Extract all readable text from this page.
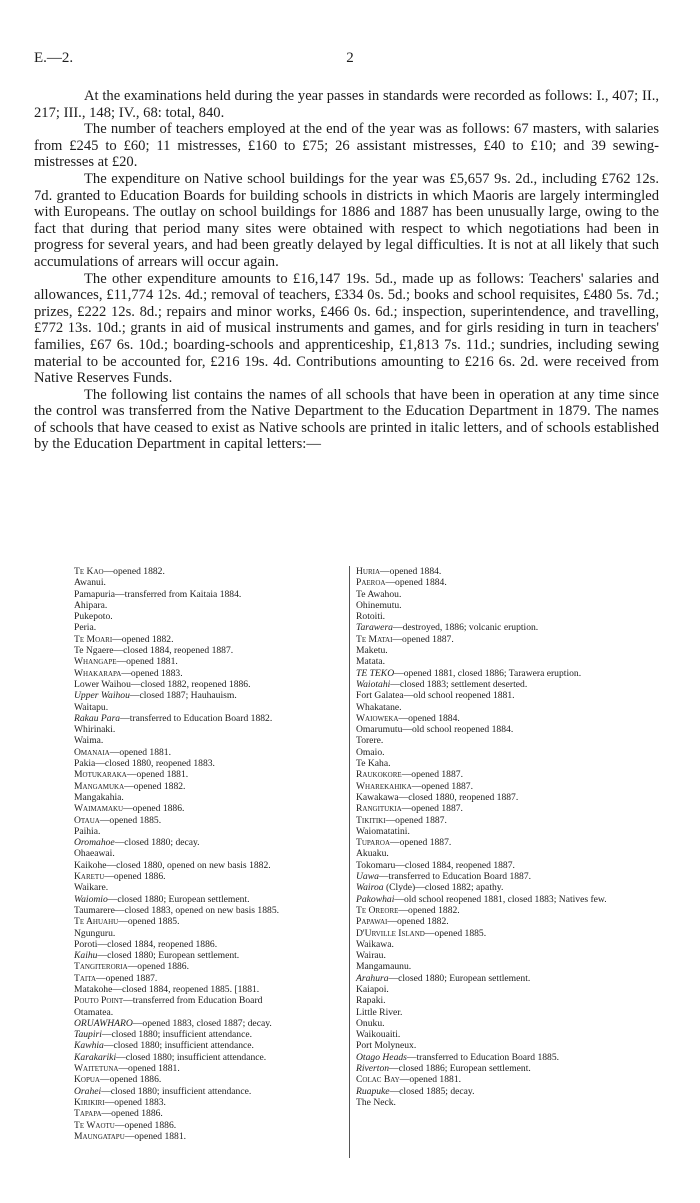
E.—2.	2

At the examinations held during the year passes in standards were recorded as follows: I., 407; II., 217; III., 148; IV., 68: total, 840.

The number of teachers employed at the end of the year was as follows: 67 masters, with salaries from £245 to £60; 11 mistresses, £160 to £75; 26 assistant mistresses, £40 to £10; and 39 sewing-mistresses at £20.

The expenditure on Native school buildings for the year was £5,657 9s. 2d., including £762 12s. 7d. granted to Education Boards for building schools in districts in which Maoris are largely intermingled with Europeans. The outlay on school buildings for 1886 and 1887 has been unusually large, owing to the fact that during that period many sites were obtained with respect to which negotiations had been in progress for several years, and had been greatly delayed by legal difficulties. It is not at all likely that such accumulations of arrears will occur again.

The other expenditure amounts to £16,147 19s. 5d., made up as follows: Teachers' salaries and allowances, £11,774 12s. 4d.; removal of teachers, £334 0s. 5d.; books and school requisites, £480 5s. 7d.; prizes, £222 12s. 8d.; repairs and minor works, £466 0s. 6d.; inspection, superintendence, and travelling, £772 13s. 10d.; grants in aid of musical instruments and games, and for girls residing in turn in teachers' families, £67 6s. 10d.; boarding-schools and apprenticeship, £1,813 7s. 11d.; sundries, including sewing material to be accounted for, £216 19s. 4d. Contributions amounting to £216 6s. 2d. were received from Native Reserves Funds.

The following list contains the names of all schools that have been in operation at any time since the control was transferred from the Native Department to the Education Department in 1879. The names of schools that have ceased to exist as Native schools are printed in italic letters, and of schools established by the Education Department in capital letters:—

Te Kao—opened 1882.
Awanui.
Pamapuria—transferred from Kaitaia 1884.
Ahipara.
Pukepoto.
Peria.
Te Moari—opened 1882.
Te Ngaere—closed 1884, reopened 1887.
Whangape—opened 1881.
Whakarapa—opened 1883.
Lower Waihou—closed 1882, reopened 1886.
Upper Waihou—closed 1887; Hauhauism.
Waitapu.
Rakau Para—transferred to Education Board 1882.
Whirinaki.
Waima.
Omanaia—opened 1881.
Pakia—closed 1880, reopened 1883.
Motukaraka—opened 1881.
Mangamuka—opened 1882.
Mangakahia.
Waimamaku—opened 1886.
Otaua—opened 1885.
Paihia.
Oromahoe—closed 1880; decay.
Ohaeawai.
Kaikohe—closed 1880, opened on new basis 1882.
Karetu—opened 1886.
Waikare.
Waiomio—closed 1880; European settlement.
Taumarere—closed 1883, opened on new basis 1885.
Te Ahuahu—opened 1885.
Ngunguru.
Poroti—closed 1884, reopened 1886.
Kaihu—closed 1880; European settlement.
Tangiteroria—opened 1886.
Taita—opened 1887.
Matakohe—closed 1884, reopened 1885. [1881.
Pouto Point—transferred from Education Board
Otamatea.
ORUAWHARO—opened 1883, closed 1887; decay.
Taupiri—closed 1880; insufficient attendance.
Kawhia—closed 1880; insufficient attendance.
Karakariki—closed 1880; insufficient attendance.
Waitetuna—opened 1881.
Kopua—opened 1886.
Orahei—closed 1880; insufficient attendance.
Kirikiri—opened 1883.
Tapapa—opened 1886.
Te Waotu—opened 1886.
Maungatapu—opened 1881.
Huria—opened 1884.
Paeroa—opened 1884.
Te Awahou.
Ohinemutu.
Rotoiti.
Tarawera—destroyed, 1886; volcanic eruption.
Te Matai—opened 1887.
Maketu.
Matata.
TE TEKO—opened 1881, closed 1886; Tarawera eruption.
Waiotahi—closed 1883; settlement deserted.
Fort Galatea—old school reopened 1881.
Whakatane.
Waioweka—opened 1884.
Omarumutu—old school reopened 1884.
Torere.
Omaio.
Te Kaha.
Raukokore—opened 1887.
Wharekahika—opened 1887.
Kawakawa—closed 1880, reopened 1887.
Rangitukia—opened 1887.
Tikitiki—opened 1887.
Waiomatatini.
Tuparoa—opened 1887.
Akuaku.
Tokomaru—closed 1884, reopened 1887.
Uawa—transferred to Education Board 1887.
Wairoa (Clyde)—closed 1882; apathy.
Pakowhai—old school reopened 1881, closed 1883; Natives few.
Te Oreore—opened 1882.
Papawai—opened 1882.
D'Urville Island—opened 1885.
Waikawa.
Wairau.
Mangamaunu.
Arahura—closed 1880; European settlement.
Kaiapoi.
Rapaki.
Little River.
Onuku.
Waikouaiti.
Port Molyneux.
Otago Heads—transferred to Education Board 1885.
Riverton—closed 1886; European settlement.
Colac Bay—opened 1881.
Ruapuke—closed 1885; decay.
The Neck.
